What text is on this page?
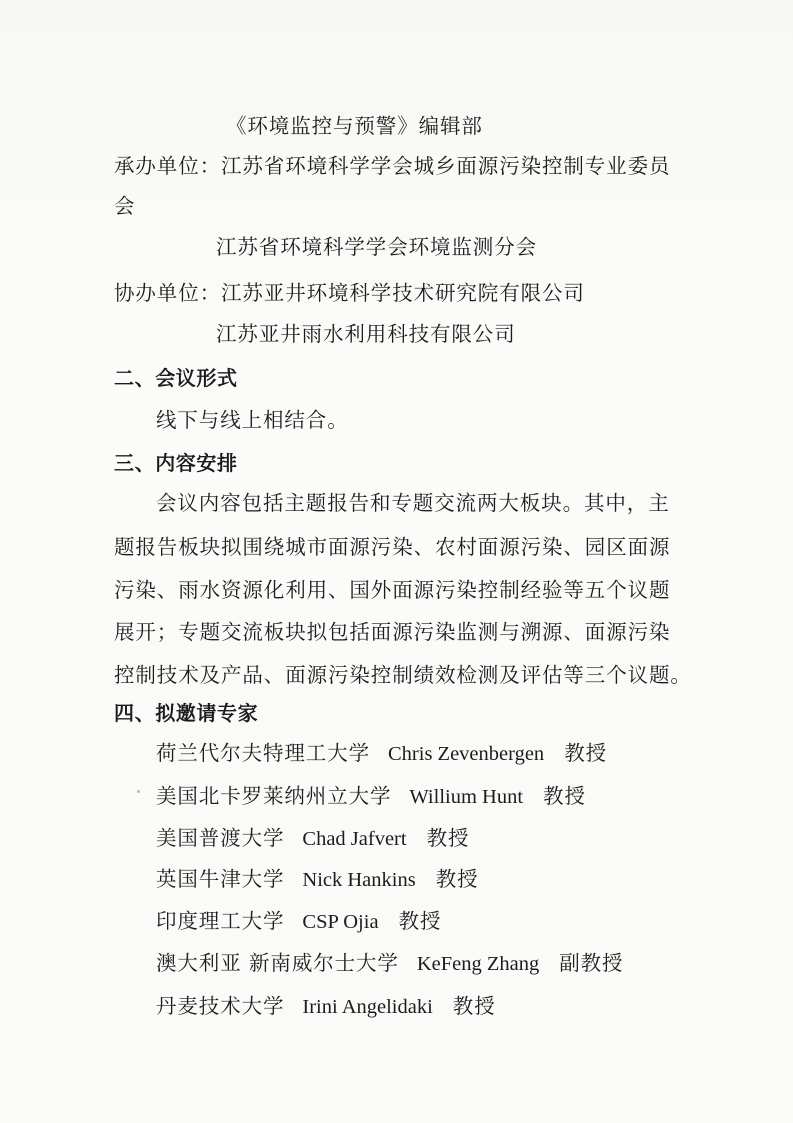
《环境监控与预警》编辑部
承办单位：江苏省环境科学学会城乡面源污染控制专业委员
会
江苏省环境科学学会环境监测分会
协办单位：江苏亚井环境科学技术研究院有限公司
江苏亚井雨水利用科技有限公司
二、会议形式
线下与线上相结合。
三、内容安排
会议内容包括主题报告和专题交流两大板块。其中，主
题报告板块拟围绕城市面源污染、农村面源污染、园区面源
污染、雨水资源化利用、国外面源污染控制经验等五个议题
展开；专题交流板块拟包括面源污染监测与溯源、面源污染
控制技术及产品、面源污染控制绩效检测及评估等三个议题。
四、拟邀请专家
荷兰代尔夫特理工大学 Chris Zevenbergen 教授
美国北卡罗莱纳州立大学 Willium Hunt 教授
美国普渡大学 Chad Jafvert 教授
英国牛津大学 Nick Hankins 教授
印度理工大学 CSP Ojia 教授
澳大利亚 新南威尔士大学 KeFeng Zhang 副教授
丹麦技术大学 Irini Angelidaki 教授
